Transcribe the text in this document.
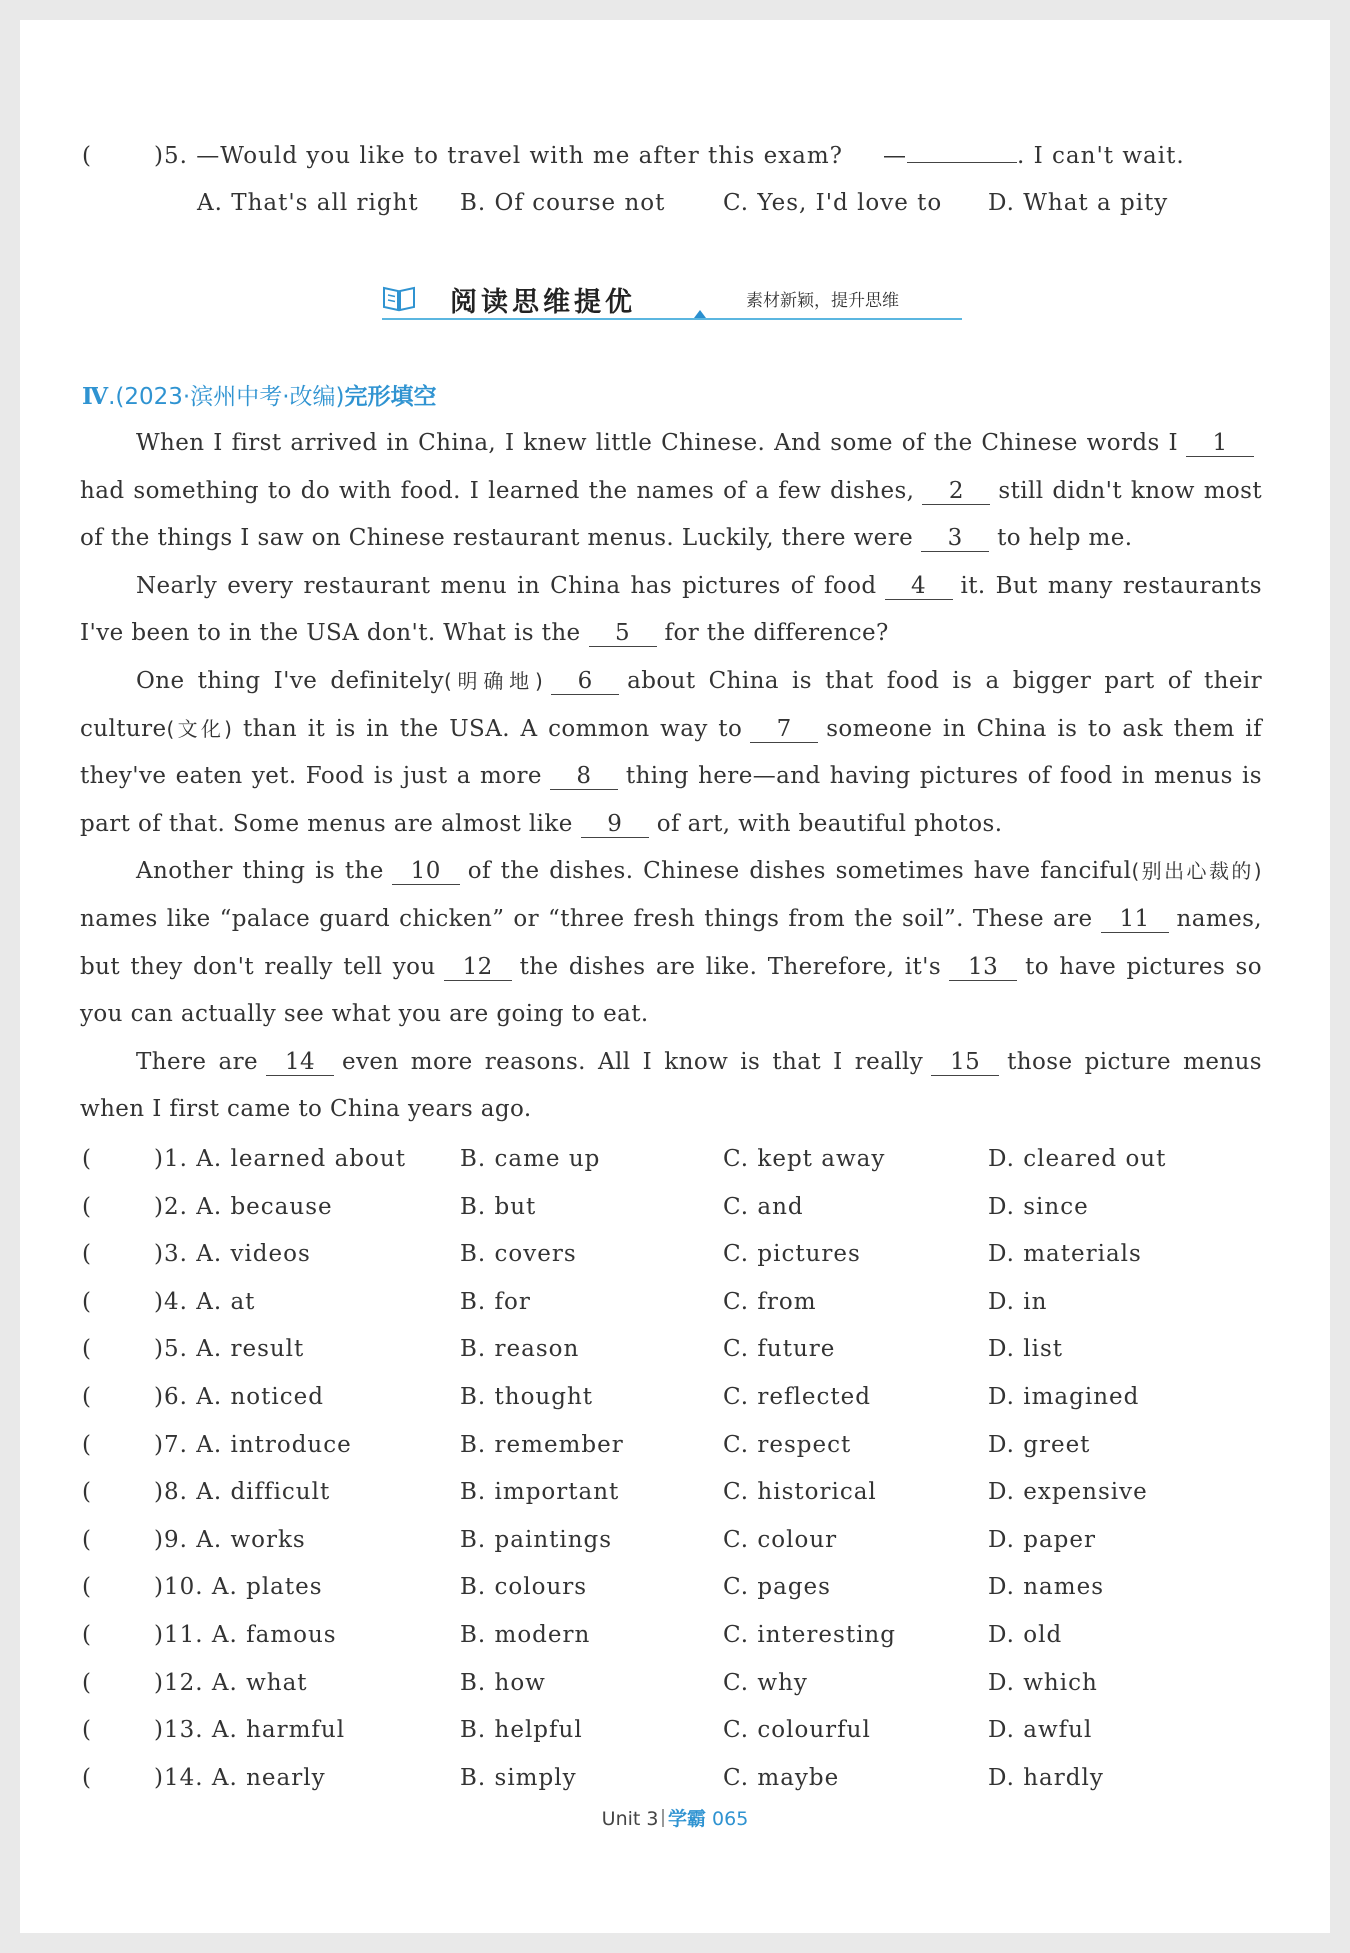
(	)5. —Would you like to travel with me after this exam? —	. I can't wait.
A. That's all right B. Of course not	C. Yes, I'd love to D. What a pity
阅读思维提优	素材新颖，提升思维
Ⅳ.(2023·滨州中考·改编)完形填空

When I first arrived in China, I knew little Chinese. And some of the Chinese words I 1had something to do with food. I learned the names of a few dishes, 2 still didn't know most of the things I saw on Chinese restaurant menus. Luckily, there were 3 to help me.

Nearly every restaurant menu in China has pictures of food 4 it. But many restaurants I've been to in the USA don't. What is the 5 for the difference?

One thing I've definitely(明确地) 6 about China is that food is a bigger part of their culture(文化) than it is in the USA. A common way to 7 someone in China is to ask them if they've eaten yet. Food is just a more 8 thing here—and having pictures of food in menus is part of that. Some menus are almost like 9 of art, with beautiful photos.

Another thing is the 10 of the dishes. Chinese dishes sometimes have fanciful(别出心裁的) names like “palace guard chicken” or “three fresh things from the soil”. These are 11 names, but they don't really tell you 12 the dishes are like. Therefore, it's 13 to have pictures so you can actually see what you are going to eat.

There are 14 even more reasons. All I know is that I really 15 those picture menus when I first came to China years ago.

(	)1. A. learned about B. came up	C. kept away	D. cleared out
(	)2. A. because	B. but	C. and	D. since
(	)3. A. videos	B. covers	C. pictures	D. materials
(	)4. A. at	B. for	C. from	D. in
(	)5. A. result	B. reason	C. future	D. list
(	)6. A. noticed	B. thought	C. reflected	D. imagined
(	)7. A. introduce	B. remember	C. respect	D. greet
(	)8. A. difficult	B. important	C. historical	D. expensive
(	)9. A. works	B. paintings	C. colour	D. paper
(	)10. A. plates	B. colours	C. pages	D. names
(	)11. A. famous	B. modern	C. interesting	D. old
(	)12. A. what	B. how	C. why	D. which
(	)13. A. harmful	B. helpful	C. colourful	D. awful
(	)14. A. nearly	B. simply	C. maybe	D. hardly
Unit 3 学霸 065
